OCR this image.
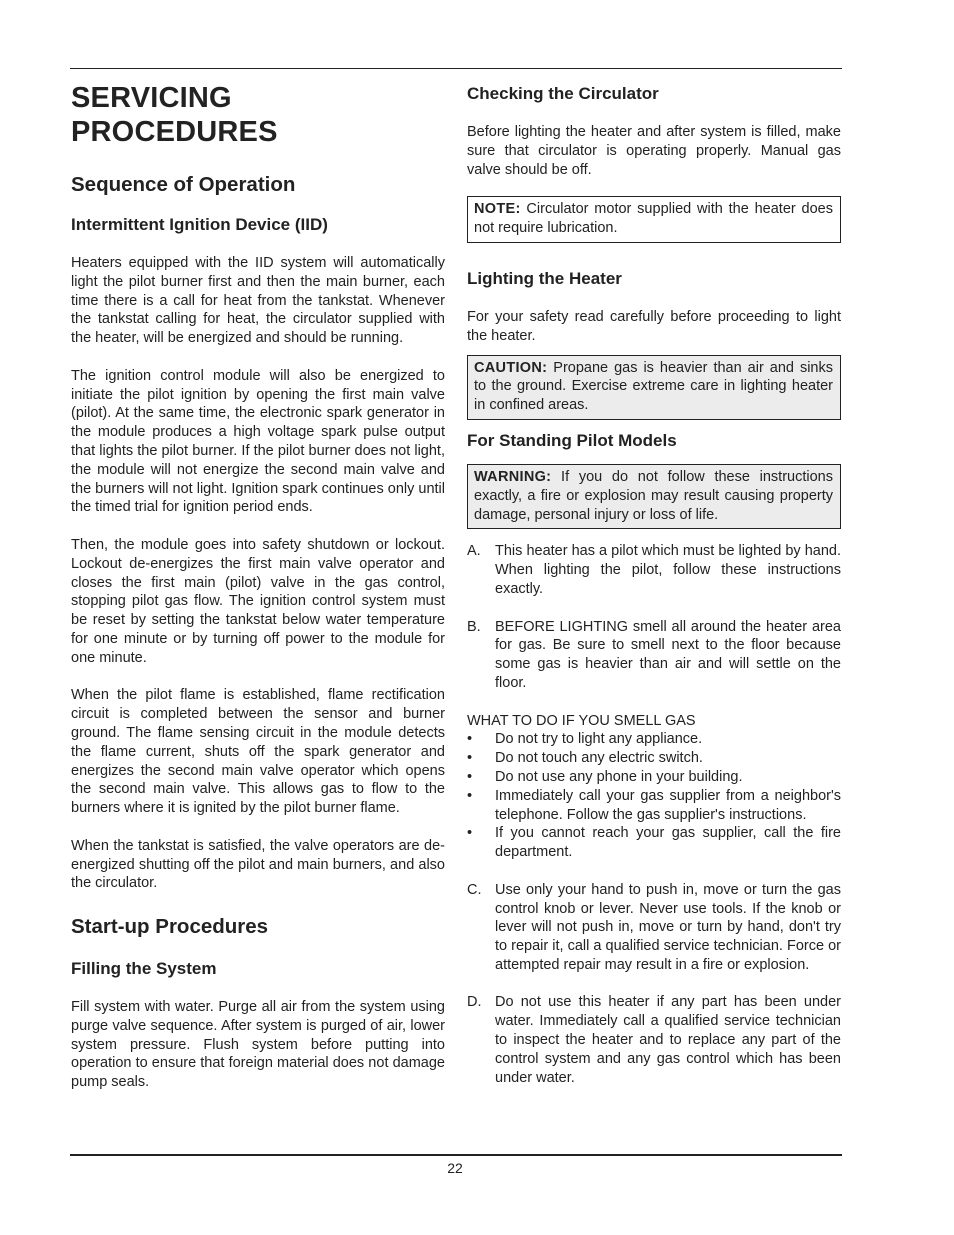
SERVICING
PROCEDURES
Sequence of Operation
Intermittent Ignition Device (IID)

Heaters equipped with the IID system will automatically light the pilot burner first and then the main burner, each time there is a call for heat from the tankstat. Whenever the tankstat calling for heat, the circulator supplied with the heater, will be energized and should be running.

The ignition control module will also be energized to initiate the pilot ignition by opening the first main valve (pilot). At the same time, the electronic spark generator in the module produces a high voltage spark pulse output that lights the pilot burner. If the pilot burner does not light, the module will not energize the second main valve and the burners will not light. Ignition spark continues only until the timed trial for ignition period ends.

Then, the module goes into safety shutdown or lockout. Lockout de-energizes the first main valve operator and closes the first main (pilot) valve in the gas control, stopping pilot gas flow. The ignition control system must be reset by setting the tankstat below water temperature for one minute or by turning off power to the module for one minute.

When the pilot flame is established, flame rectification circuit is completed between the sensor and burner ground. The flame sensing circuit in the module detects the flame current, shuts off the spark generator and energizes the second main valve operator which opens the second main valve. This allows gas to flow to the burners where it is ignited by the pilot burner flame.

When the tankstat is satisfied, the valve operators are de-energized shutting off the pilot and main burners, and also the circulator.

Start-up Procedures
Filling the System

Fill system with water. Purge all air from the system using purge valve sequence. After system is purged of air, lower system pressure. Flush system before putting into operation to ensure that foreign material does not damage pump seals.

Checking the Circulator

Before lighting the heater and after system is filled, make sure that circulator is operating properly. Manual gas valve should be off.

NOTE: Circulator motor supplied with the heater does not require lubrication.
Lighting the Heater

For your safety read carefully before proceeding to light the heater.

CAUTION: Propane gas is heavier than air and sinks to the ground. Exercise extreme care in lighting heater in confined areas.
For Standing Pilot Models
WARNING: If you do not follow these instructions exactly, a fire or explosion may result causing property damage, personal injury or loss of life.
A. This heater has a pilot which must be lighted by hand. When lighting the pilot, follow these instructions exactly.
B. BEFORE LIGHTING smell all around the heater area for gas. Be sure to smell next to the floor because some gas is heavier than air and will settle on the floor.

WHAT TO DO IF YOU SMELL GAS

•	Do not try to light any appliance.
•	Do not touch any electric switch.
•	Do not use any phone in your building.
•	Immediately call your gas supplier from a neighbor's telephone. Follow the gas supplier's instructions.
•	If you cannot reach your gas supplier, call the fire department.
C. Use only your hand to push in, move or turn the gas control knob or lever. Never use tools. If the knob or lever will not push in, move or turn by hand, don't try to repair it, call a qualified service technician. Force or attempted repair may result in a fire or explosion.
D. Do not use this heater if any part has been under water. Immediately call a qualified service technician to inspect the heater and to replace any part of the control system and any gas control which has been under water.
22
